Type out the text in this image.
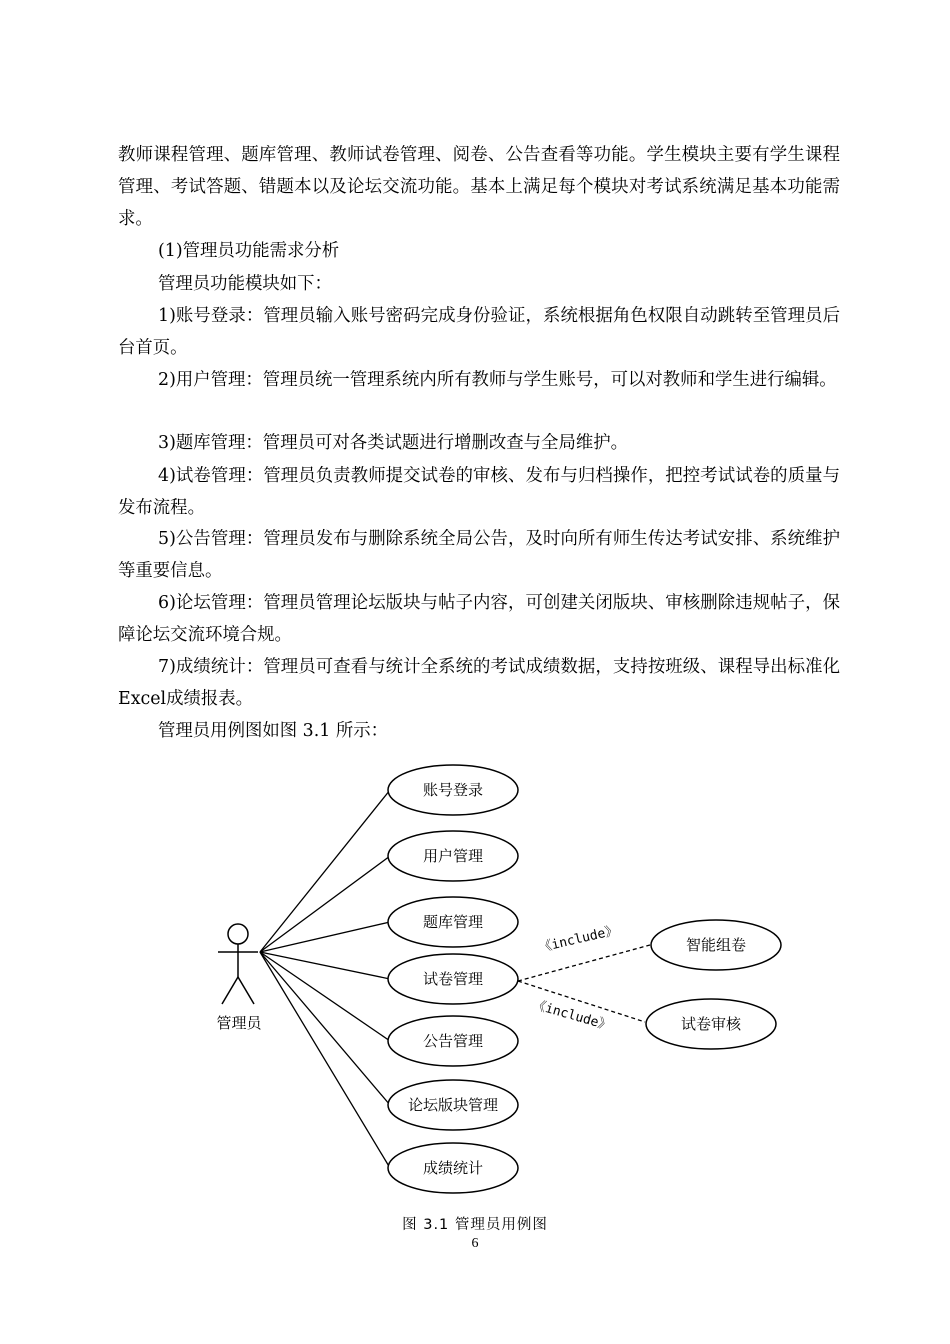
教师课程管理、题库管理、教师试卷管理、阅卷、公告查看等功能。学生模块主要有学生课程管理、考试答题、错题本以及论坛交流功能。基本上满足每个模块对考试系统满足基本功能需求。

(1)管理员功能需求分析

管理员功能模块如下：

1)账号登录：管理员输入账号密码完成身份验证，系统根据角色权限自动跳转至管理员后台首页。

2)用户管理：管理员统一管理系统内所有教师与学生账号，可以对教师和学生进行编辑。

3)题库管理：管理员可对各类试题进行增删改查与全局维护。

4)试卷管理：管理员负责教师提交试卷的审核、发布与归档操作，把控考试试卷的质量与发布流程。

5)公告管理：管理员发布与删除系统全局公告，及时向所有师生传达考试安排、系统维护等重要信息。

6)论坛管理：管理员管理论坛版块与帖子内容，可创建关闭版块、审核删除违规帖子，保障论坛交流环境合规。

7)成绩统计：管理员可查看与统计全系统的考试成绩数据，支持按班级、课程导出标准化Excel成绩报表。

管理员用例图如图 3.1 所示：

管理员
账号登录
用户管理
题库管理
试卷管理
公告管理
论坛版块管理
成绩统计
《include》
《include》
智能组卷
试卷审核
图 3.1 管理员用例图
6
